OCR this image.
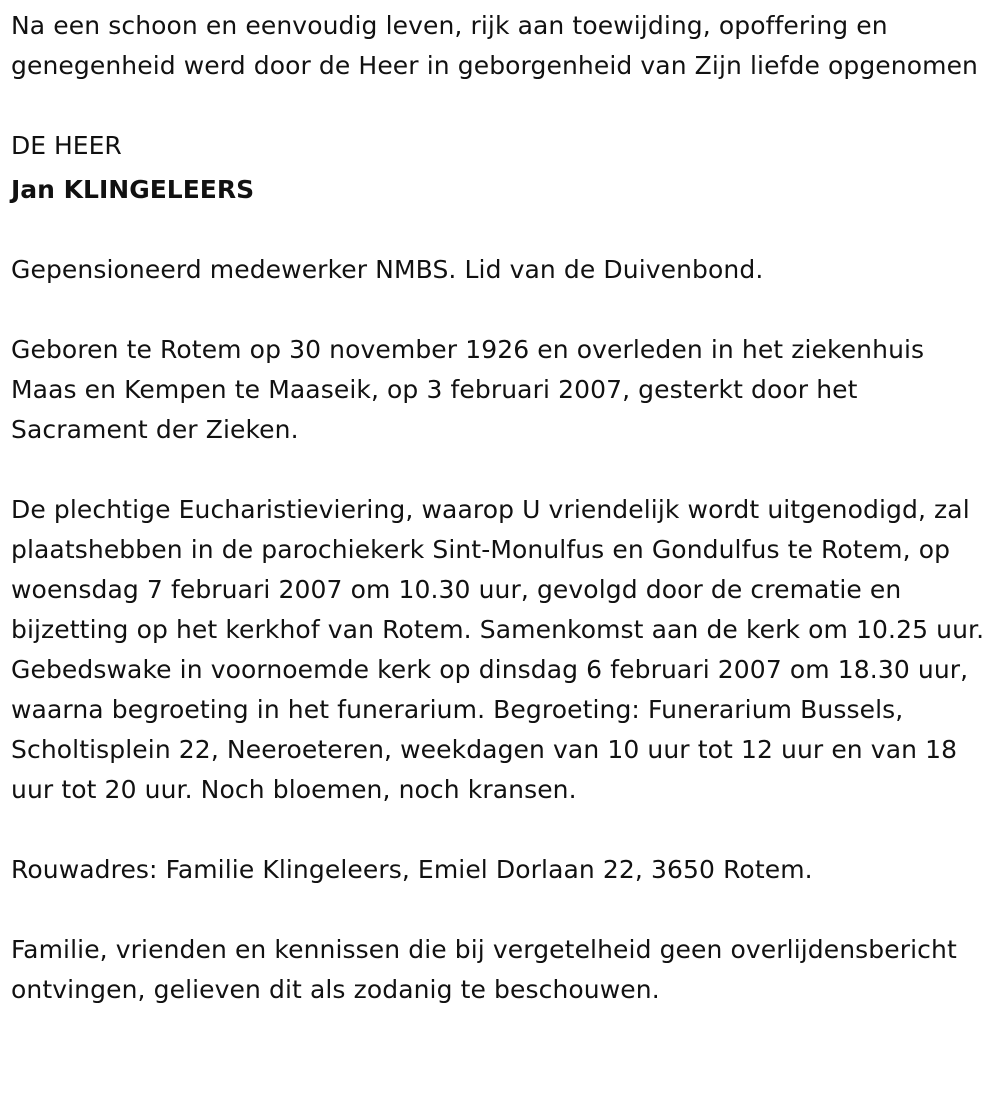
Na een schoon en eenvoudig leven, rijk aan toewijding, opoffering en genegenheid werd door de Heer in geborgenheid van Zijn liefde opgenomen

DE HEER
Jan KLINGELEERS

Gepensioneerd medewerker NMBS. Lid van de Duivenbond.

Geboren te Rotem op 30 november 1926 en overleden in het ziekenhuis Maas en Kempen te Maaseik, op 3 februari 2007, gesterkt door het Sacrament der Zieken.

De plechtige Eucharistieviering, waarop U vriendelijk wordt uitgenodigd, zal plaatshebben in de parochiekerk Sint-Monulfus en Gondulfus te Rotem, op woensdag 7 februari 2007 om 10.30 uur, gevolgd door de crematie en bijzetting op het kerkhof van Rotem. Samenkomst aan de kerk om 10.25 uur. Gebedswake in voornoemde kerk op dinsdag 6 februari 2007 om 18.30 uur, waarna begroeting in het funerarium. Begroeting: Funerarium Bussels, Scholtisplein 22, Neeroeteren, weekdagen van 10 uur tot 12 uur en van 18 uur tot 20 uur. Noch bloemen, noch kransen.

Rouwadres: Familie Klingeleers, Emiel Dorlaan 22, 3650 Rotem.

Familie, vrienden en kennissen die bij vergetelheid geen overlijdensbericht ontvingen, gelieven dit als zodanig te beschouwen.
